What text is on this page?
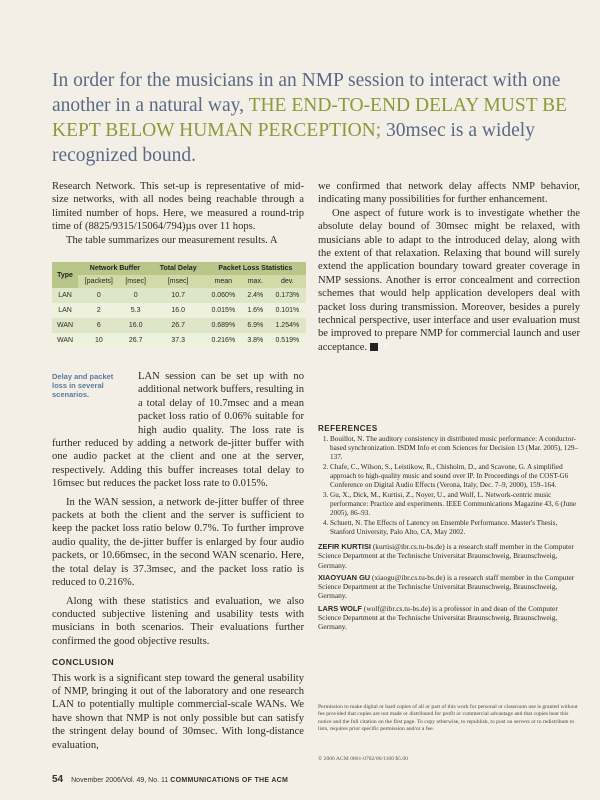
In order for the musicians in an NMP session to interact with one another in a natural way, THE END-TO-END DELAY MUST BE KEPT BELOW HUMAN PERCEPTION; 30msec is a widely recognized bound.

Research Network. This set-up is representative of mid-size networks, with all nodes being reachable through a limited number of hops. Here, we measured a round-trip time of (8825/9315/15064/794)µs over 11 hops.

The table summarizes our measurement results. A

Type	Network Buffer		Total Delay	Packet Loss Statistics		
	[packets]	[msec]	[msec]	mean	max.	dev.
LAN	0	0	10.7	0.060%	2.4%	0.173%
LAN	2	5.3	16.0	0.015%	1.6%	0.101%
WAN	6	16.0	26.7	0.689%	6.9%	1.254%
WAN	10	26.7	37.3	0.216%	3.8%	0.519%

LAN session can be set up with no additional network buffers, resulting in a total delay of 10.7msec and a mean packet loss ratio of 0.06% suitable for high audio quality. The loss rate is further reduced by adding a network de-jitter buffer with one audio packet at the client and one at the server, respectively. Adding this buffer increases total delay to 16msec but reduces the packet loss rate to 0.015%.

In the WAN session, a network de-jitter buffer of three packets at both the client and the server is sufficient to keep the packet loss ratio below 0.7%. To further improve audio quality, the de-jitter buffer is enlarged by four audio packets, or 10.66msec, in the second WAN scenario. Here, the total delay is 37.3msec, and the packet loss ratio is reduced to 0.216%.

Along with these statistics and evaluation, we also conducted subjective listening and usability tests with musicians in both scenarios. Their evaluations further confirmed the good objective results.

CONCLUSION

This work is a significant step toward the general usability of NMP, bringing it out of the laboratory and one research LAN to potentially multiple commercial-scale WANs. We have shown that NMP is not only possible but can satisfy the stringent delay bound of 30msec. With long-distance evaluation,

Delay and packet loss in several scenarios.

we confirmed that network delay affects NMP behavior, indicating many possibilities for further enhancement.

One aspect of future work is to investigate whether the absolute delay bound of 30msec might be relaxed, with musicians able to adapt to the introduced delay, along with the extent of that relaxation. Relaxing that bound will surely extend the application boundary toward greater coverage in NMP sessions. Another is error concealment and correction schemes that would help application developers deal with packet loss during transmission. Moreover, besides a purely technical perspective, user interface and user evaluation must be improved to prepare NMP for commercial launch and user acceptance.	C

REFERENCES
1. Bouillot, N. The auditory consistency in distributed music performance: A conductor-based synchronization. ISDM Info et com Sciences for Decision 13 (Mar. 2005), 129–137.
2. Chafe, C., Wilson, S., Leistikow, R., Chisholm, D., and Scavone, G. A simplified approach to high-quality music and sound over IP. In Proceedings of the COST-G6 Conference on Digital Audio Effects (Verona, Italy, Dec. 7–9, 2000), 159–164.
3. Gu, X., Dick, M., Kurtisi, Z., Noyer, U., and Wolf, L. Network-centric music performance: Practice and experiments. IEEE Communications Magazine 43, 6 (June 2005), 86–93.
4. Schuett, N. The Effects of Latency on Ensemble Performance. Master's Thesis, Stanford University, Palo Alto, CA, May 2002.

ZEFIR KURTISI (kurtisi@ibr.cs.tu-bs.de) is a research staff member in the Computer Science Department at the Technische Universitat Braunschweig, Braunschweig, Germany.

XIAOYUAN GU (xiaogu@ibr.cs.tu-bs.de) is a research staff member in the Computer Science Department at the Technische Universitat Braunschweig, Braunschweig, Germany.

LARS WOLF (wolf@ibr.cs.tu-bs.de) is a professor in and dean of the Computer Science Department at the Technische Universitat Braunschweig, Braunschweig, Germany.

Permission to make digital or hard copies of all or part of this work for personal or classroom use is granted without fee provided that copies are not made or distributed for profit or commercial advantage and that copies bear this notice and the full citation on the first page. To copy otherwise, to republish, to post on servers or to redistribute to lists, requires prior specific permission and/or a fee.
© 2006 ACM 0001-0782/06/1100 $5.00
54 November 2006/Vol. 49, No. 11 COMMUNICATIONS OF THE ACM
